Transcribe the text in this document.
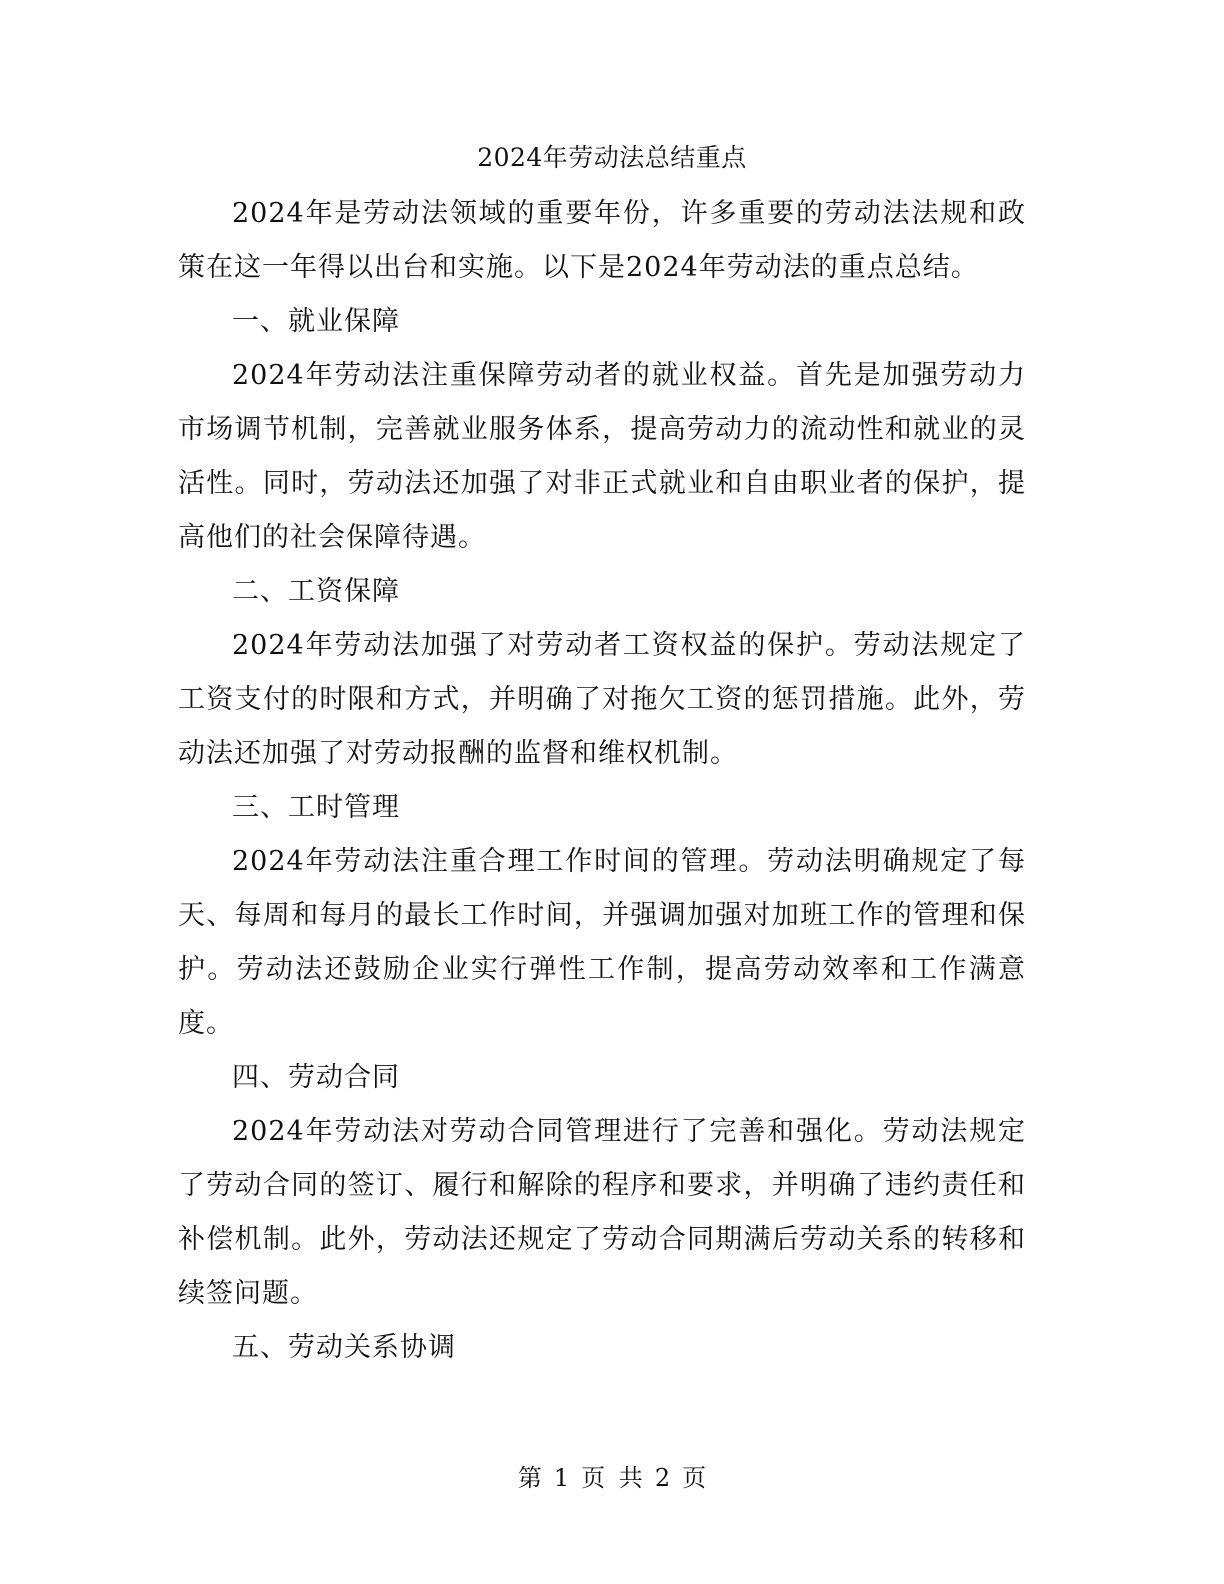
2024年劳动法总结重点

2024年是劳动法领域的重要年份，许多重要的劳动法法规和政策在这一年得以出台和实施。以下是2024年劳动法的重点总结。

一、就业保障

2024年劳动法注重保障劳动者的就业权益。首先是加强劳动力市场调节机制，完善就业服务体系，提高劳动力的流动性和就业的灵活性。同时，劳动法还加强了对非正式就业和自由职业者的保护，提高他们的社会保障待遇。

二、工资保障

2024年劳动法加强了对劳动者工资权益的保护。劳动法规定了工资支付的时限和方式，并明确了对拖欠工资的惩罚措施。此外，劳动法还加强了对劳动报酬的监督和维权机制。

三、工时管理

2024年劳动法注重合理工作时间的管理。劳动法明确规定了每天、每周和每月的最长工作时间，并强调加强对加班工作的管理和保护。劳动法还鼓励企业实行弹性工作制，提高劳动效率和工作满意度。

四、劳动合同

2024年劳动法对劳动合同管理进行了完善和强化。劳动法规定了劳动合同的签订、履行和解除的程序和要求，并明确了违约责任和补偿机制。此外，劳动法还规定了劳动合同期满后劳动关系的转移和续签问题。

五、劳动关系协调

第 1 页 共 2 页
